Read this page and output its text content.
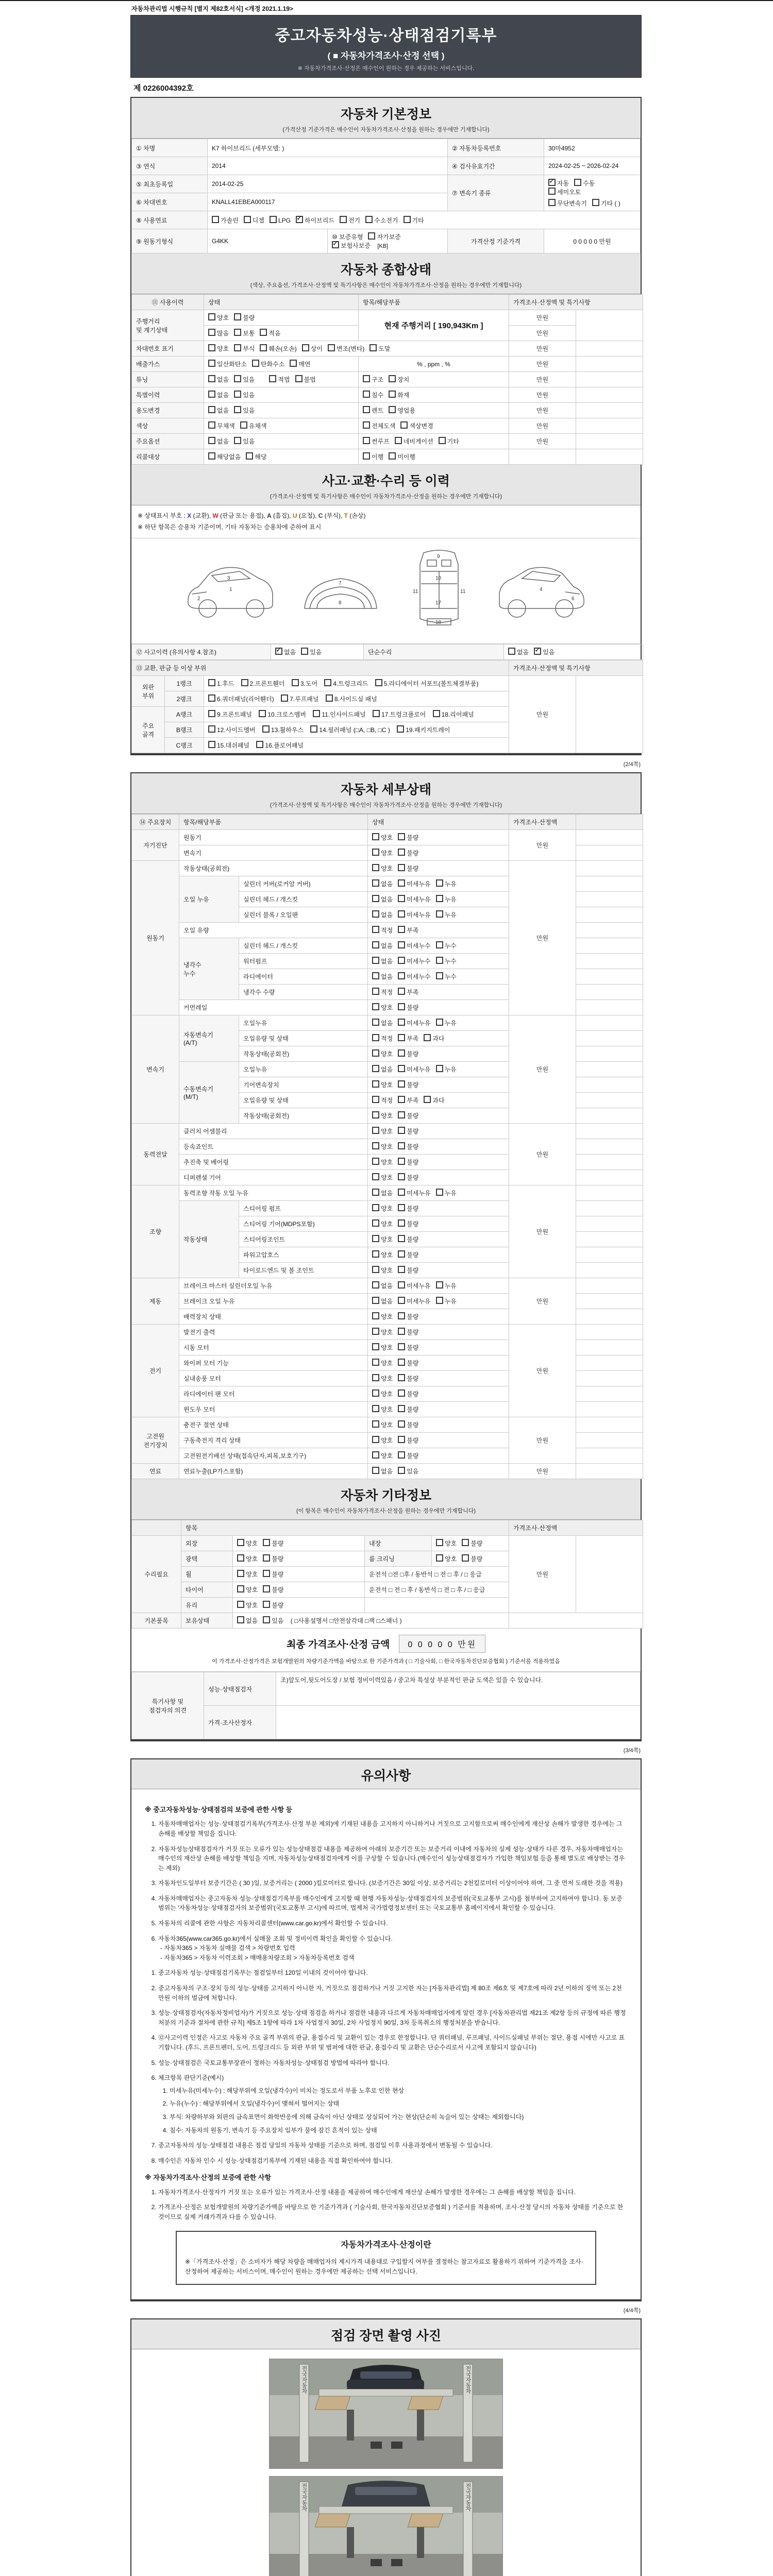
자동차관리법 시행규칙 [별지 제82호서식] <개정 2021.1.19>
중고자동차성능·상태점검기록부
( ■ 자동차가격조사·산정 선택 )
※ 자동차가격조사·산정은 매수인이 원하는 경우 제공하는 서비스입니다.
제 0226004392호
자동차 기본정보
(가격산정 기준가격은 매수인이 자동차가격조사·산정을 원하는 경우에만 기재합니다)
① 차명	K7 하이브리드 (세부모델: )		② 자동차등록번호	30마4952
③ 연식	2014		④ 검사유효기간	2024-02-25 ~ 2026-02-24
⑤ 최초등록일	2014-02-25		⑦ 변속기 종류	
✓자동 수동세미오토
무단변속기 기타 ( )

⑥ 차대번호	KNALL41EBEA000117			
⑧ 사용연료	가솔린 디젤 LPG ✓ 하이브리드 전기 수소전기 기타
⑨ 원동기형식	G4KK	⑩ 보증유형 자가보증✓보험사보증 [KB]	가격산정 기준가격	0 0 0 0 0 만원
자동차 종합상태
(색상, 주요옵션, 가격조사·산정액 및 특기사항은 매수인이 자동차가격조사·산정을 원하는 경우에만 기재합니다)
⑪ 사용이력	상태	항목/해당부품	가격조사·산정액 및 특기사항	
주행거리
및 계기상태	양호 불량	현재 주행거리 [ 190,943Km ]	만원	
	많음 보통 적음		만원	
차대번호 표기	양호 부식 훼손(오손) 상이 변조(변타) 도말		만원	
배출가스	일산화탄소 탄화수소 매연	% , ppm , %	만원	
튜닝	없음 있음 적법 불법	구조 장치	만원	
특별이력	없음 있음	침수 화재	만원	
용도변경	없음 있음	렌트 영업용	만원	
색상	무채색 유채색	전체도색 색상변경	만원	
주요옵션	없음 있음	썬루프 네비게이션 기타	만원	
리콜대상	해당없음 해당	이행 미이행		
사고·교환·수리 등 이력
(가격조사·산정액 및 특기사항은 매수인이 자동차가격조사·산정을 원하는 경우에만 기재합니다)
※ 상태표시 부호 : X (교환), W (판금 또는 용접), A (흠집), U (요철), C (부식), T (손상)
※ 하단 항목은 승용차 기준이며, 기타 자동차는 승용차에 준하여 표시
2
1
3
7
8
9
10
11	11
17
18
6
4
⑫ 사고이력 (유의사항 4.참조)	✓없음 있음	단순수리	없음 ✓ 있음
⑬ 교환, 판금 등 이상 부위			가격조사·산정액 및 특기사항	
외판
부위	1랭크	1.후드 2.프론트휀더 3.도어 4.트렁크리드 5.라디에이터 서포트(볼트체결부품)	만원	
	2랭크	6.쿼더패널(리어휀더) 7.루프패널 8.사이드실 패널		
주요
골격	A랭크	9.프론트패널 10.크로스멤버 11.인사이드패널 17.트렁크플로어 18.리어패널		
	B랭크	12.사이드멤버 13.휠하우스 14.필러패널 (□A, □B, □C ) 19.패키지트레이		
	C랭크	15.대쉬패널 16.플로어패널		
(2/4쪽)
자동차 세부상태
(가격조사·산정액 및 특기사항은 매수인이 자동차가격조사·산정을 원하는 경우에만 기재합니다)
⑭ 주요장치	항목/해당부품		상태	가격조사·산정액	
자기진단	원동기		양호 불량	만원	
	변속기		양호 불량		
원동기	작동상태(공회전)		양호 불량	만원	
	오일 누유	실린더 커버(로커암 커버)	없음 미세누유 누유		
		실린더 헤드 / 개스킷	없음 미세누유 누유		
		실린더 블록 / 오일팬	없음 미세누유 누유		
	오일 유량		적정 부족		
	냉각수
누수	실린더 헤드 / 개스킷	없음 미세누수 누수		
		워터펌프	없음 미세누수 누수		
		라디에이터	없음 미세누수 누수		
		냉각수 수량	적정 부족		
	커먼레일		양호 불량		
변속기	자동변속기
(A/T)	오일누유	없음 미세누유 누유	만원	
		오일유량 및 상태	적정 부족 과다		
		작동상태(공회전)	양호 불량		
	수동변속기
(M/T)	오일누유	없음 미세누유 누유		
		기어변속장치	양호 불량		
		오일유량 및 상태	적정 부족 과다		
		작동상태(공회전)	양호 불량		
동력전달	클러치 어셈블리		양호 불량	만원	
	등속죠인트		양호 불량		
	추진축 및 베어링		양호 불량		
	디퍼렌셜 기어		양호 불량		
조향	동력조향 작동 오일 누유		없음 미세누유 누유	만원	
	작동상태	스티어링 펌프	양호 불량		
		스티어링 기어(MDPS포함)	양호 불량		
		스티어링조인트	양호 불량		
		파워고압호스	양호 불량		
		타이로드엔드 및 볼 조인트	양호 불량		
제동	브레이크 마스터 실린더오일 누유		없음 미세누유 누유	만원	
	브레이크 오일 누유		없음 미세누유 누유		
	배력장치 상태		양호 불량		
전기	발전기 출력		양호 불량	만원	
	시동 모터		양호 불량		
	와이퍼 모터 기능		양호 불량		
	실내송풍 모터		양호 불량		
	라디에이터 팬 모터		양호 불량		
	윈도우 모터		양호 불량		
고전원
전기장치	충전구 절연 상태		양호 불량	만원	
	구동축전지 격리 상태		양호 불량		
	고전원전기배선 상태(접속단자,피복,보호기구)		양호 불량		
연료	연료누출(LP가스포함)		없음 있음	만원	
자동차 기타정보
(이 항목은 매수인이 자동차가격조사·산정을 원하는 경우에만 기재합니다)
	항목				가격조사·산정액	
수리필요	외장	양호 불량	내장	양호 불량	만원	
	광택	양호 불량	룸 크리닝	양호 불량		
	휠	양호 불량	운전석 □전 □후 / 동반석 □ 전 □ 후 / □ 응급			
	타이어	양호 불량	운전석 □ 전 □ 후 / 동반석 □ 전 □ 후 / □ 응급			
	유리	양호 불량				
기본품목	보유상태	없음 있음 ( □사용설명서 □안전삼각대 □잭 □스패너 )				
최종 가격조사·산정 금액	0 0 0 0 0 만원
이 가격조사·산정가격은 보험개발원의 차량기준가액을 바탕으로 한 기준가격과 ( □ 기술사회, □ 한국자동차진단보증협회 ) 기준서를 적용하였음
특기사항 및
점검자의 의견	성능·상태점검자	조)앞도어,뒷도어도장 / 보험 정비이력있음 / 중고차 특성상 부분적인 판금 도색은 있을 수 있습니다.

	가격·조사산정자	
(3/4쪽)
유의사항
※ 중고자동차성능·상태점검의 보증에 관한 사항 등
1. 자동차매매업자는 성능·상태점검기록부(가격조사·산정 부분 제외)에 기재된 내용을 고지하지 아니하거나 거짓으로 고지함으로써 매수인에게 재산상 손해가 발생한 경우에는 그 손해를 배상할 책임을 집니다.
2. 자동차성능상태점검자가 거짓 또는 오류가 있는 성능상태점검 내용을 제공하여 아래의 보증기간 또는 보증거리 이내에 자동차의 실제 성능·상태가 다른 경우, 자동차매매업자는 매수인의 재산상 손해를 배상할 책임을 지며, 자동차성능상태점검자에게 이를 구상할 수 있습니다.(매수인이 성능상태점검자가 가입한 책임보험 등을 통해 별도로 배상받는 경우는 제외)
3. 자동차인도일부터 보증기간은 ( 30 )일, 보증거리는 ( 2000 )킬로미터로 합니다. (보증기간은 30일 이상, 보증거리는 2천킬로미터 이상이어야 하며, 그 중 먼저 도래한 것을 적용)
4. 자동차매매업자는 중고자동차 성능·상태점검기록부를 매수인에게 고지할 때 현행 자동차성능·상태점검자의 보증범위(국토교통부 고시)를 첨부하여 고지하여야 합니다. 동 보증범위는 '자동차성능·상태점검자의 보증범위'(국토교통부 고시)에 따르며, 법제처 국가법령정보센터 또는 국토교통부 홈페이지에서 확인할 수 있습니다.
5. 자동차의 리콜에 관한 사항은 자동차리콜센터(www.car.go.kr)에서 확인할 수 있습니다.
6. 자동차365(www.car365.go.kr)에서 실매물 조회 및 정비이력 확인을 확인할 수 있습니다.
- 자동차365 > 자동차 실매물 검색 > 차량번호 입력
- 자동차365 > 자동차 이력조회 > 매매용차량조회 > 자동차등록번호 검색
1. 중고자동차 성능·상태점검기록부는 점검일부터 120일 이내의 것이어야 합니다.
2. 중고자동차의 구조·장치 등의 성능·상태를 고지하지 아니한 자, 거짓으로 점검하거나 거짓 고지한 자는 [자동차관리법] 제 80조 제6호 및 제7호에 따라 2년 이하의 징역 또는 2천만원 이하의 벌금에 처합니다.
3. 성능·상태점검자(자동차정비업자)가 거짓으로 성능·상태 점검을 하거나 점검한 내용과 다르게 자동차매매업자에게 알린 경우 [자동차관리법 제21조 제2항 등의 규정에 따른 행정처분의 기준과 절차에 관한 규칙] 제5조 1항에 따라 1차 사업정지 30일, 2차 사업정지 90일, 3차 등록취소의 행정처분을 받습니다.
4. ⑫사고이력 인정은 사고로 자동차 주요 골격 부위의 판금, 용접수리 및 교환이 있는 경우로 한정합니다. 단 쿼터패널, 루프패널, 사이드실패널 부위는 절단, 용접 시에만 사고로 표기합니다. (후드, 프론트펜더, 도어, 트렁크리드 등 외판 부위 및 범퍼에 대한 판금, 용접수리 및 교환은 단순수리로서 사고에 포함되지 않습니다)
5. 성능·상태점검은 국토교통부장관이 정하는 자동차성능·상태점검 방법에 따라야 합니다.
6. 체크항목 판단기준(예시)
1. 미세누유(미세누수) : 해당부위에 오일(냉각수)이 비치는 정도로서 부품 노후로 인한 현상
2. 누유(누수) : 해당부위에서 오일(냉각수)이 맺혀서 떨어지는 상태
3. 부식: 차량하부와 외판의 금속표면이 화학반응에 의해 금속이 아닌 상태로 상실되어 가는 현상(단순히 녹슬어 있는 상태는 제외합니다)
4. 침수: 자동차의 원동기, 변속기 등 주요장치 일부가 물에 잠긴 흔적이 있는 상태
7. 중고자동차의 성능·상태점검 내용은 점검 당일의 자동차 상태를 기준으로 하며, 점검일 이후 사용과정에서 변동될 수 있습니다.
8. 매수인은 자동차 인수 시 성능·상태점검기록부에 기재된 내용을 직접 확인하여야 합니다.
※ 자동차가격조사·산정의 보증에 관한 사항
1. 자동차가격조사·산정자가 거짓 또는 오류가 있는 가격조사·산정 내용을 제공하여 매수인에게 재산상 손해가 발생한 경우에는 그 손해를 배상할 책임을 집니다.
2. 가격조사·산정은 보험개발원의 차량기준가액을 바탕으로 한 기준가격과 ( 기술사회, 한국자동차진단보증협회 ) 기준서를 적용하며, 조사·산정 당시의 자동차 상태를 기준으로 한 것이므로 실제 거래가격과 다를 수 있습니다.
자동차가격조사·산정이란
※「가격조사·산정」은 소비자가 해당 차량을 매매업자의 제시가격 내용대로 구입할지 여부를 결정하는 참고자료로 활용하기 위하여 기준가격을 조사·산정하여 제공하는 서비스이며, 매수인이 원하는 경우에만 제공하는 선택 서비스입니다.
(4/4쪽)
점검 장면 촬영 사진
전국자동차	전국자동차
전국자동차	전국자동차
